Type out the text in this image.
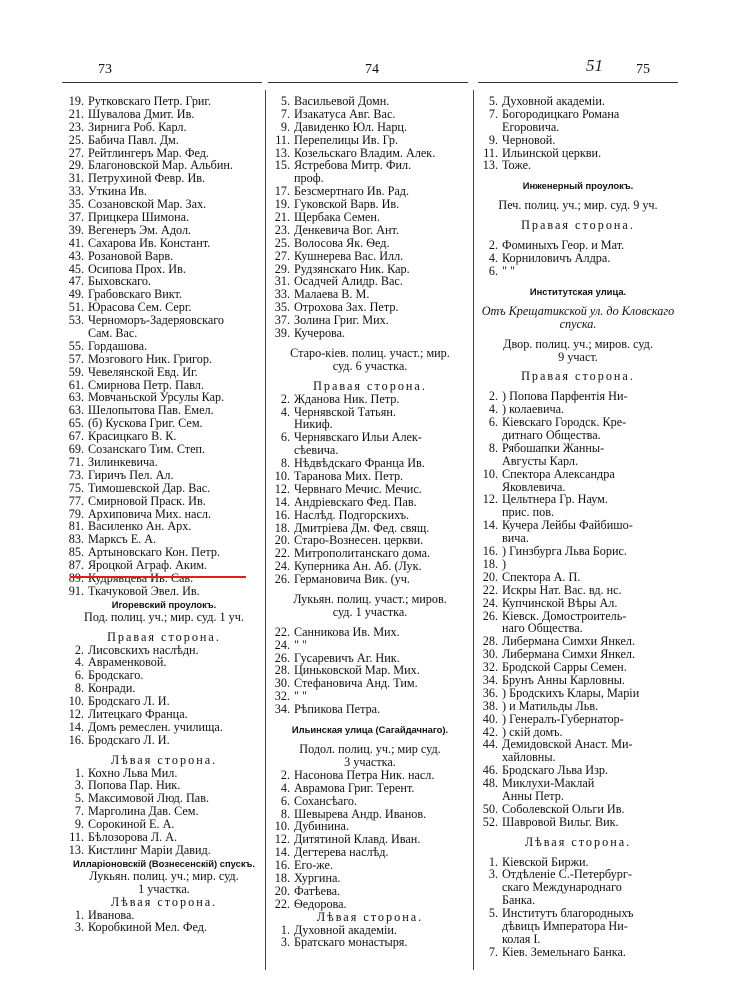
73	74	75
51
19. Рутковскаго Петр. Григ.
21. Шувалова Дмит. Ив.
23. Зирнига Роб. Карл.
25. Бабича Павл. Дм.
27. Рейтлингеръ Мар. Фед.
29. Благоновской Мар. Альбин.
31. Петрухиной Февр. Ив.
33. Уткина Ив.
35. Созановской Мар. Зах.
37. Прицкера Шимона.
39. Вегенеръ Эм. Адол.
41. Сахарова Ив. Констант.
43. Розановой Варв.
45. Осипова Прох. Ив.
47. Быховскаго.
49. Грабовскаго Викт.
51. Юрасова Сем. Серг.
53. Черноморъ-Задеряовскаго
Сам. Вас.
55. Гордашова.
57. Мозгового Ник. Григор.
59. Чевелянской Евд. Иг.
61. Смирнова Петр. Павл.
63. Мовчаньской Урсулы Кар.
63. Шелопытова Пав. Емел.
65. (б) Кускова Григ. Сем.
67. Красицкаго В. К.
69. Созанскаго Тим. Степ.
71. Зилинкевича.
73. Гиричъ Пел. Ал.
75. Тимошевской Дар. Вас.
77. Смирновой Праск. Ив.
79. Архиповича Мих. насл.
81. Василенко Ан. Арх.
83. Марксъ Е. А.
85. Артыновскаго Кон. Петр.
87. Яроцкой Аграф. Аким.
91. Ткачуковой Эвел. Ив.
Игоревский проулокъ.
Под. полиц. уч.; мир. суд. 1 уч.
Правая сторона.
2. Лисовскихъ наслѣдн.
4. Авраменковой.
6. Бродскаго.
8. Конради.
10. Бродскаго Л. И.
12. Литецкаго Франца.
14. Домъ ремеслен. училища.
16. Бродскаго Л. И.
Лѣвая сторона.
1. Кохно Льва Мил.
3. Попова Пар. Ник.
5. Максимовой Люд. Пав.
7. Марголина Дав. Сем.
9. Сорокиной Е. А.
11. Бѣлозорова Л. А.
13. Кистлинг Маріи Давид.
Илларіоновскій (Вознесенскій) спускъ.
Лукьян. полиц. уч.; мир. суд.
1 участка.
Лѣвая сторона.
1. Иванова.
3. Коробкиной Мел. Фед.
5. Васильевой Домн.
7. Изакатуса Авг. Вас.
9. Давиденко Юл. Нарц.
11. Перепелицы Ив. Гр.
13. Козельскаго Владим. Алек.
15. Ястребова Митр. Фил.
проф.
17. Безсмертнаго Ив. Рад.
19. Гуковской Варв. Ив.
21. Щербака Семен.
23. Денкевича Вог. Ант.
25. Волосова Як. Ѳед.
27. Кушнерева Вас. Илл.
29. Рудзянскаго Ник. Кар.
31. Осадчей Алидр. Вас.
33. Малаева В. М.
35. Отрохова Зах. Петр.
37. Золина Григ. Мих.
39. Кучерова.
Старо-кіев. полиц. участ.; мир.
суд. 6 участка.
Правая сторона.
2. Жданова Ник. Петр.
4. Чернявской Татьян.
Никиф.
6. Чернявскаго Ильи Алек-
сѣевича.
8. Нѣдвѣдскаго Франца Ив.
10. Таранова Мих. Петр.
12. Червнаго Мечис. Мечис.
14. Андріевскаго Фед. Пав.
16. Наслѣд. Подгорскихъ.
18. Дмитріева Дм. Фед. свящ.
20. Старо-Вознесен. церкви.
22. Митрополитанскаго дома.
24. Куперника Ан. Аб. (Лук.
26. Германовича Вик. (уч.
Лукьян. полиц. участ.; миров.
суд. 1 участка.
22. Санникова Ив. Мих.
24. " "
26. Гусаревичъ Аг. Ник.
28. Циньковской Мар. Мих.
30. Стефановича Анд. Тим.
32. " "
34. Рѣпикова Петра.
Ильинская улица (Сагайдачнаго).
Подол. полиц. уч.; мир суд.
3 участка.
2. Насонова Петра Ник. насл.
4. Аврамова Григ. Терент.
6. Сохансѣаго.
8. Шевырева Андр. Иванов.
10. Дубинина.
12. Дитятиной Клавд. Иван.
14. Дегтерева наслѣд.
16. Его-же.
18. Хургина.
20. Фатѣева.
22. Ѳедорова.
Лѣвая сторона.
1. Духовной академіи.
3. Братскаго монастыря.
5. Духовной академіи.
7. Богородицкаго Романа
Егоровича.
9. Черновой.
11. Ильинской церкви.
13. Тоже.
Инженерный проулокъ.
Печ. полиц. уч.; мир. суд. 9 уч.
Правая сторона.
2. Фоминыхъ Геор. и Мат.
4. Корниловичъ Алдра.
6. " "
Институтская улица.
Отъ Крещатикской ул. до Кловскаго спуска.
Двор. полиц. уч.; миров. суд.
9 участ.
Правая сторона.
2. ) Попова Парфентія Ни-
4. ) колаевича.
6. Кіевскаго Городск. Кре-
дитнаго Общества.
8. Рябошапки Жанны-
Августы Карл.
10. Спектора Александра
Яковлевича.
12. Цельтнера Гр. Наум.
прис. пов.
14. Кучера Лейбы Файбишо-
вича.
16. ) Гинзбурга Льва Борис.
18. )
20. Спектора А. П.
22. Искры Нат. Вас. вд. нс.
24. Купчинской Вѣры Ал.
26. Кіевск. Домостроитель-
наго Общества.
28. Либермана Симхи Янкел.
30. Либермана Симхи Янкел.
32. Бродской Сарры Семен.
34. Брунъ Анны Карловны.
36. ) Бродскихъ Клары, Маріи
38. ) и Матильды Льв.
40. ) Генералъ-Губернатор-
42. ) скій домъ.
44. Демидовской Анаст. Ми-
хайловны.
46. Бродскаго Льва Изр.
48. Миклухи-Маклай
Анны Петр.
50. Соболевской Ольги Ив.
52. Шавровой Вильг. Вик.
Лѣвая сторона.
1. Кіевской Биржи.
3. Отдѣленіе С.-Петербург-
скаго Международнаго
Банка.
5. Институтъ благородныхъ
дѣвицъ Императора Ни-
колая I.
7. Кіев. Земельнаго Банка.
